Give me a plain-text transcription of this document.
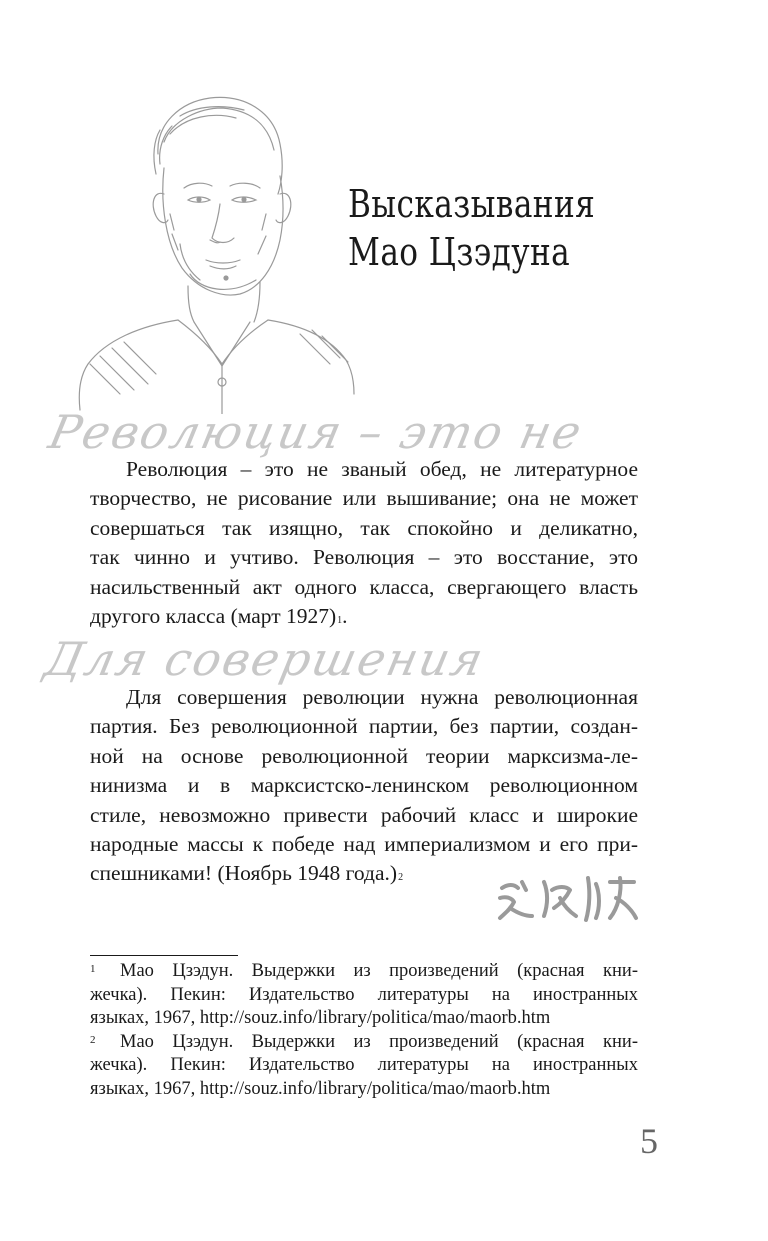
Высказывания
Мао Цзэдуна
Революция – это не
Для совершения
Революция – это не званый обед, не литературное
творчество, не рисование или вышивание; она не может
совершаться так изящно, так спокойно и деликатно,
так чинно и учтиво. Революция – это восстание, это
насильственный акт одного класса, свергающего власть
другого класса (март 1927)$^1$.
Для совершения революции нужна революционная
партия. Без революционной партии, без партии, создан-
ной на основе революционной теории марксизма-ле-
нинизма и в марксистско-ленинском революционном
стиле, невозможно привести рабочий класс и широкие
народные массы к победе над империализмом и его при-
спешниками! (Ноябрь 1948 года.)$^2$
1	Мао Цзэдун. Выдержки из произведений (красная кни-
жечка). Пекин: Издательство литературы на иностранных
языках, 1967, http://souz.info/library/politica/mao/maorb.htm
2	Мао Цзэдун. Выдержки из произведений (красная кни-
жечка). Пекин: Издательство литературы на иностранных
языках, 1967, http://souz.info/library/politica/mao/maorb.htm
5
